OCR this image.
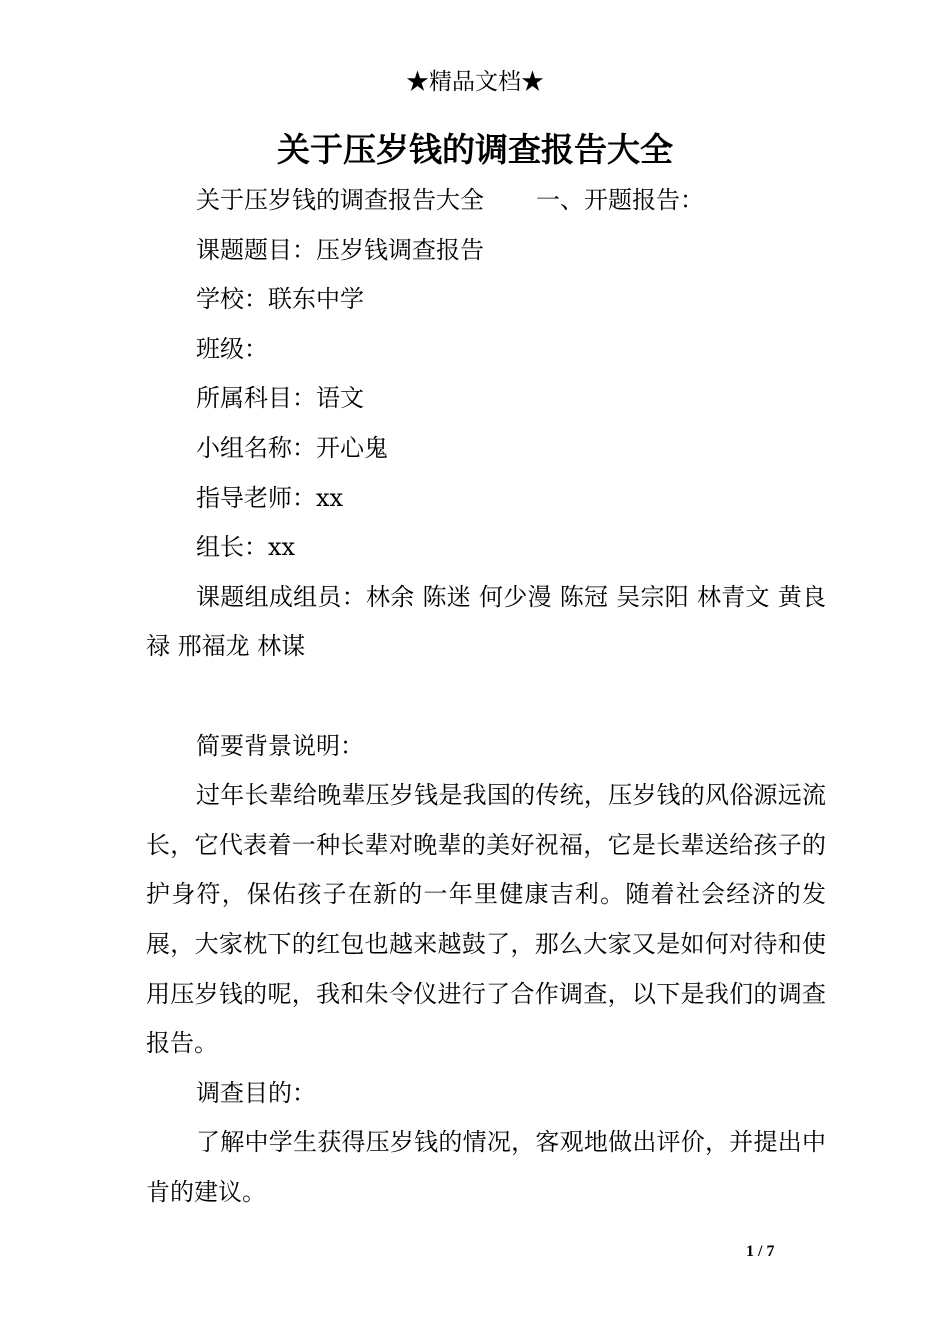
★精品文档★
关于压岁钱的调查报告大全

关于压岁钱的调查报告大全 一、开题报告：

课题题目：压岁钱调查报告

学校：联东中学

班级：

所属科目：语文

小组名称：开心鬼

指导老师：xx

组长：xx

课题组成组员：林余 陈迷 何少漫 陈冠 吴宗阳 林青文 黄良禄 邢福龙 林谋

简要背景说明：

过年长辈给晚辈压岁钱是我国的传统，压岁钱的风俗源远流长，它代表着一种长辈对晚辈的美好祝福，它是长辈送给孩子的护身符，保佑孩子在新的一年里健康吉利。随着社会经济的发展，大家枕下的红包也越来越鼓了，那么大家又是如何对待和使用压岁钱的呢，我和朱令仪进行了合作调查，以下是我们的调查报告。

调查目的：

了解中学生获得压岁钱的情况，客观地做出评价，并提出中肯的建议。

1 / 7
